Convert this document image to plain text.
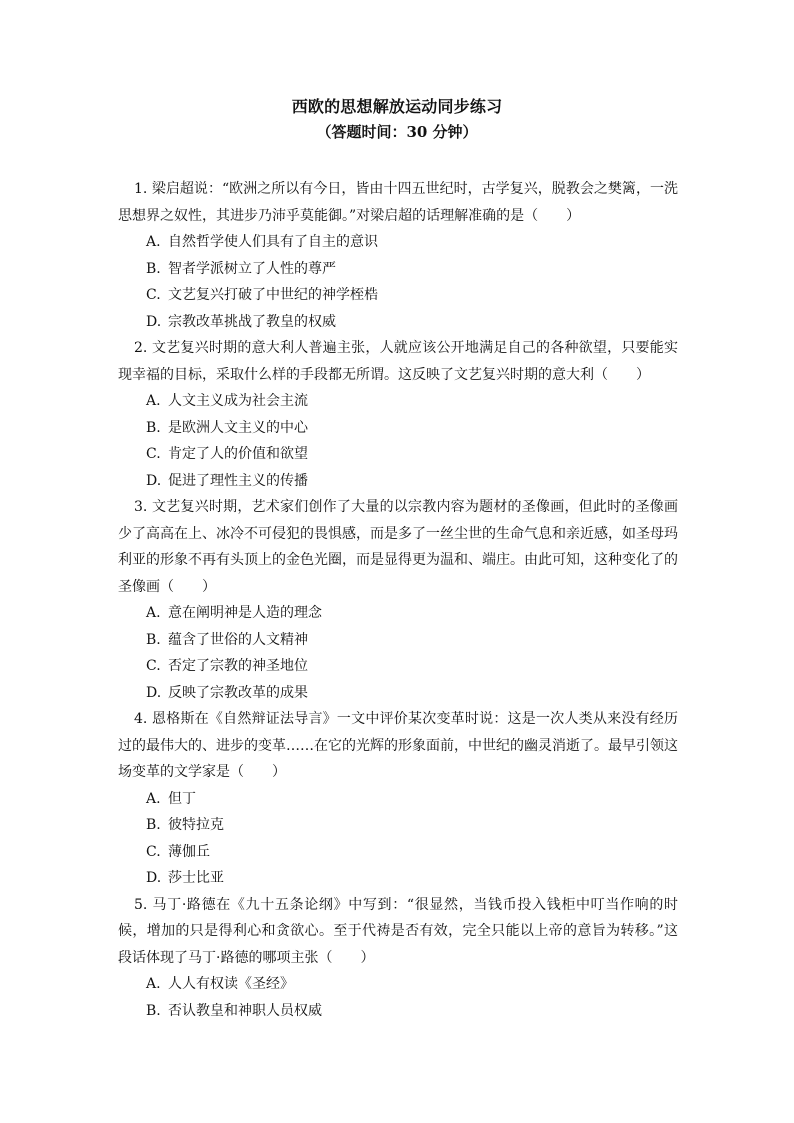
西欧的思想解放运动同步练习
（答题时间：30 分钟）

1. 梁启超说：“欧洲之所以有今日，皆由十四五世纪时，古学复兴，脱教会之樊篱，一洗思想界之奴性，其进步乃沛乎莫能御。”对梁启超的话理解准确的是（　　）

A. 自然哲学使人们具有了自主的意识

B. 智者学派树立了人性的尊严

C. 文艺复兴打破了中世纪的神学桎梏

D. 宗教改革挑战了教皇的权威

2. 文艺复兴时期的意大利人普遍主张，人就应该公开地满足自己的各种欲望，只要能实现幸福的目标，采取什么样的手段都无所谓。这反映了文艺复兴时期的意大利（　　）

A. 人文主义成为社会主流

B. 是欧洲人文主义的中心

C. 肯定了人的价值和欲望

D. 促进了理性主义的传播

3. 文艺复兴时期，艺术家们创作了大量的以宗教内容为题材的圣像画，但此时的圣像画少了高高在上、冰冷不可侵犯的畏惧感，而是多了一丝尘世的生命气息和亲近感，如圣母玛利亚的形象不再有头顶上的金色光圈，而是显得更为温和、端庄。由此可知，这种变化了的圣像画（　　）

A. 意在阐明神是人造的理念

B. 蕴含了世俗的人文精神

C. 否定了宗教的神圣地位

D. 反映了宗教改革的成果

4. 恩格斯在《自然辩证法导言》一文中评价某次变革时说：这是一次人类从来没有经历过的最伟大的、进步的变革……在它的光辉的形象面前，中世纪的幽灵消逝了。最早引领这场变革的文学家是（　　）

A. 但丁

B. 彼特拉克

C. 薄伽丘

D. 莎士比亚

5. 马丁·路德在《九十五条论纲》中写到：“很显然，当钱币投入钱柜中叮当作响的时候，增加的只是得利心和贪欲心。至于代祷是否有效，完全只能以上帝的意旨为转移。”这段话体现了马丁·路德的哪项主张（　　）

A. 人人有权读《圣经》

B. 否认教皇和神职人员权威
